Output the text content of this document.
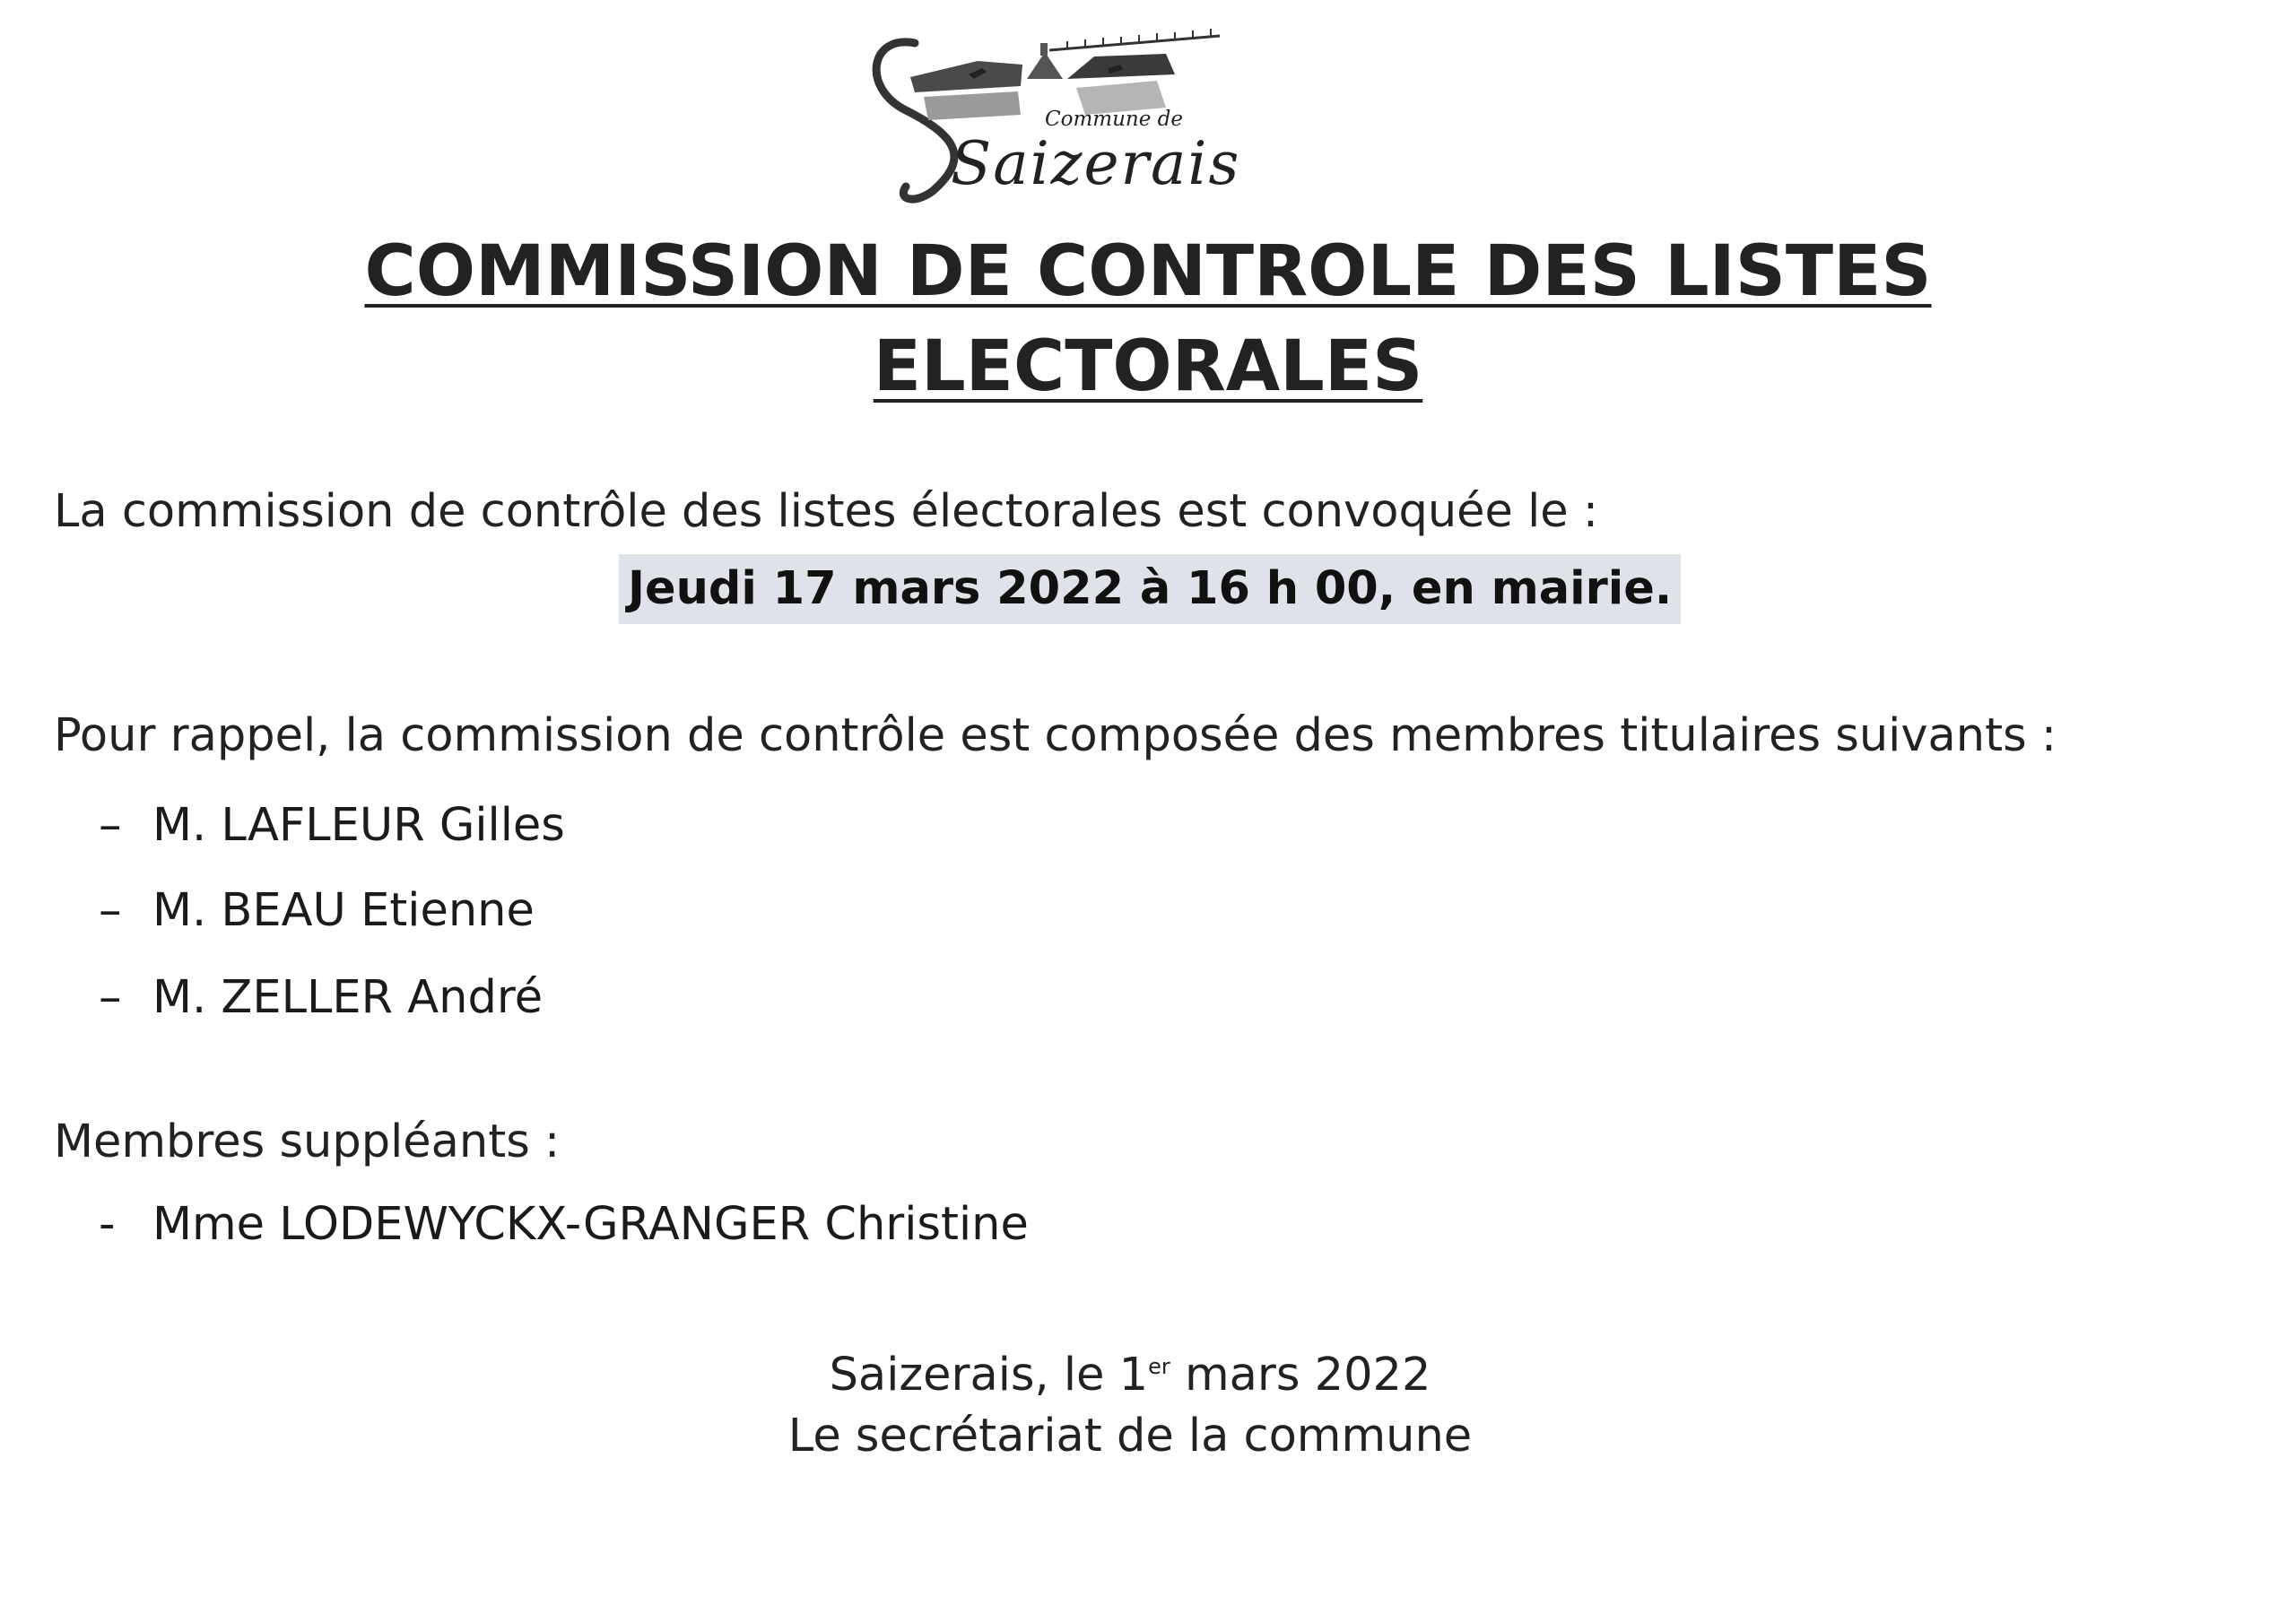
Commune de
Saizerais
COMMISSION DE CONTROLE DES LISTES
ELECTORALES
La commission de contrôle des listes électorales est convoquée le :
Jeudi 17 mars 2022 à 16 h 00, en mairie.
Pour rappel, la commission de contrôle est composée des membres titulaires suivants :
– M. LAFLEUR Gilles
– M. BEAU Etienne
– M. ZELLER André
Membres suppléants :
- Mme LODEWYCKX-GRANGER Christine
Saizerais, le 1er mars 2022
Le secrétariat de la commune
